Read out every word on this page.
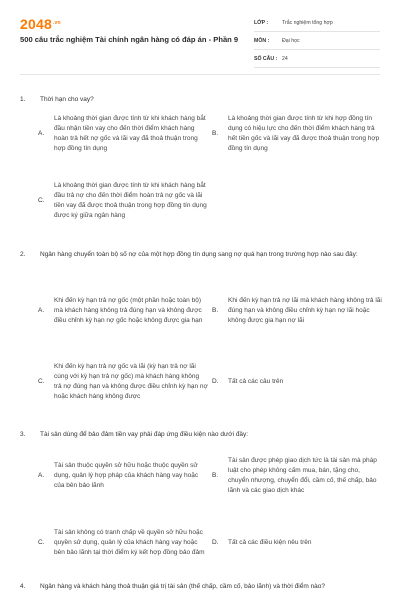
$2048^{.vn}$
500 câu trắc nghiệm Tài chính ngân hàng có đáp án - Phần 9
LỚP :	Trắc nghiệm tổng hợp
MÔN :	Đại học
SỐ CÂU : 24
1.	Thời hạn cho vay?
A.
Là khoảng thời gian được tính từ khi khách hàng bắt đầu nhận tiền vay cho đến thời điểm khách hàng hoàn trả hết nợ gốc và lãi vay đã thoả thuận trong hợp đồng tín dụng
B.
Là khoảng thời gian được tính từ khi hợp đồng tín dụng có hiệu lực cho đến thời điểm khách hàng trả hết tiền gốc và lãi vay đã được thoả thuận trong hợp đồng tín dụng
C.
Là khoảng thời gian được tính từ khi khách hàng bắt đầu trả nợ cho đến thời điểm hoàn trả nợ gốc và lãi tiền vay đã được thoả thuận trong hợp đồng tín dụng được ký giữa ngân hàng
2.	Ngân hàng chuyển toàn bộ số nợ của một hợp đồng tín dụng sang nợ quá hạn trong trường hợp nào sau đây:
A.
Khi đến kỳ hạn trả nợ gốc (một phần hoặc toàn bộ) mà khách hàng không trả đúng hạn và không được điều chỉnh kỳ hạn nợ gốc hoặc không được gia hạn
B.
Khi đến kỳ hạn trả nợ lãi mà khách hàng không trả lãi đúng hạn và không điều chỉnh kỳ hạn nợ lãi hoặc không được gia hạn nợ lãi
C.
Khi đến kỳ hạn trả nợ gốc và lãi (kỳ hạn trả nợ lãi cùng với kỳ hạn trả nợ gốc) mà khách hàng không trả nợ đúng hạn và không được điều chỉnh kỳ hạn nợ hoặc khách hàng không được
D.	Tất cả các câu trên
3.	Tài sản dùng để bảo đảm tiền vay phải đáp ứng điều kiện nào dưới đây:
A.
Tài sản thuộc quyền sở hữu hoặc thuộc quyền sử dụng, quản lý hợp pháp của khách hàng vay hoặc của bên bảo lãnh
B.
Tài sản được phép giao dịch tức là tài sản mà pháp luật cho phép không cấm mua, bán, tặng cho, chuyển nhượng, chuyển đổi, cầm cố, thế chấp, bảo lãnh và các giao dịch khác
C.
Tài sản không có tranh chấp về quyền sở hữu hoặc quyền sử dụng, quản lý của khách hàng vay hoặc bên bảo lãnh tại thời điểm ký kết hợp đồng bảo đảm
D.	Tất cả các điều kiện nêu trên
4.	Ngân hàng và khách hàng thoả thuận giá trị tài sản (thế chấp, cầm cố, bảo lãnh) và thời điểm nào?
